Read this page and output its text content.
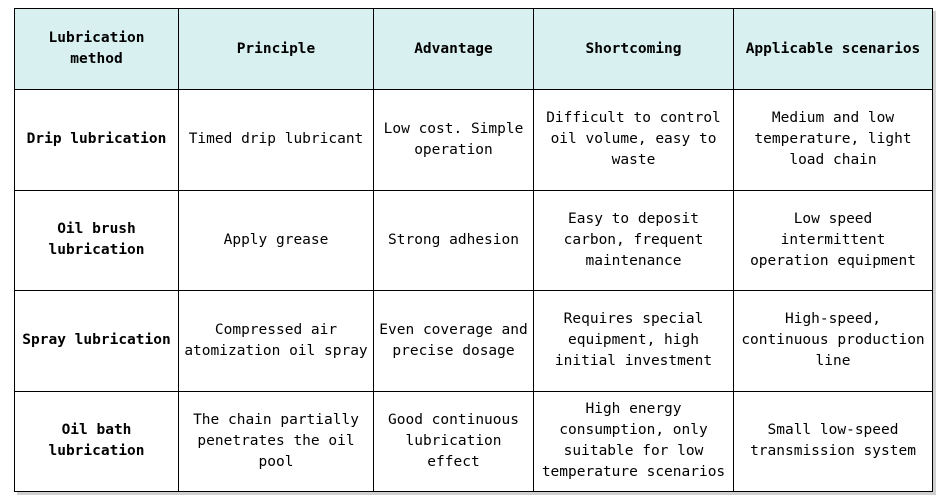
Lubrication method	Principle	Advantage	Shortcoming	Applicable scenarios
Drip lubrication	Timed drip lubricant	Low cost. Simple operation	Difficult to control oil volume, easy to waste	Medium and low temperature, light load chain
Oil brush lubrication	Apply grease	Strong adhesion	Easy to deposit carbon, frequent maintenance	Low speed intermittent operation equipment
Spray lubrication	Compressed air atomization oil spray	Even coverage and precise dosage	Requires special equipment, high initial investment	High-speed, continuous production line
Oil bath lubrication	The chain partially penetrates the oil pool	Good continuous lubrication effect	High energy consumption, only suitable for low temperature scenarios	Small low-speed transmission system
